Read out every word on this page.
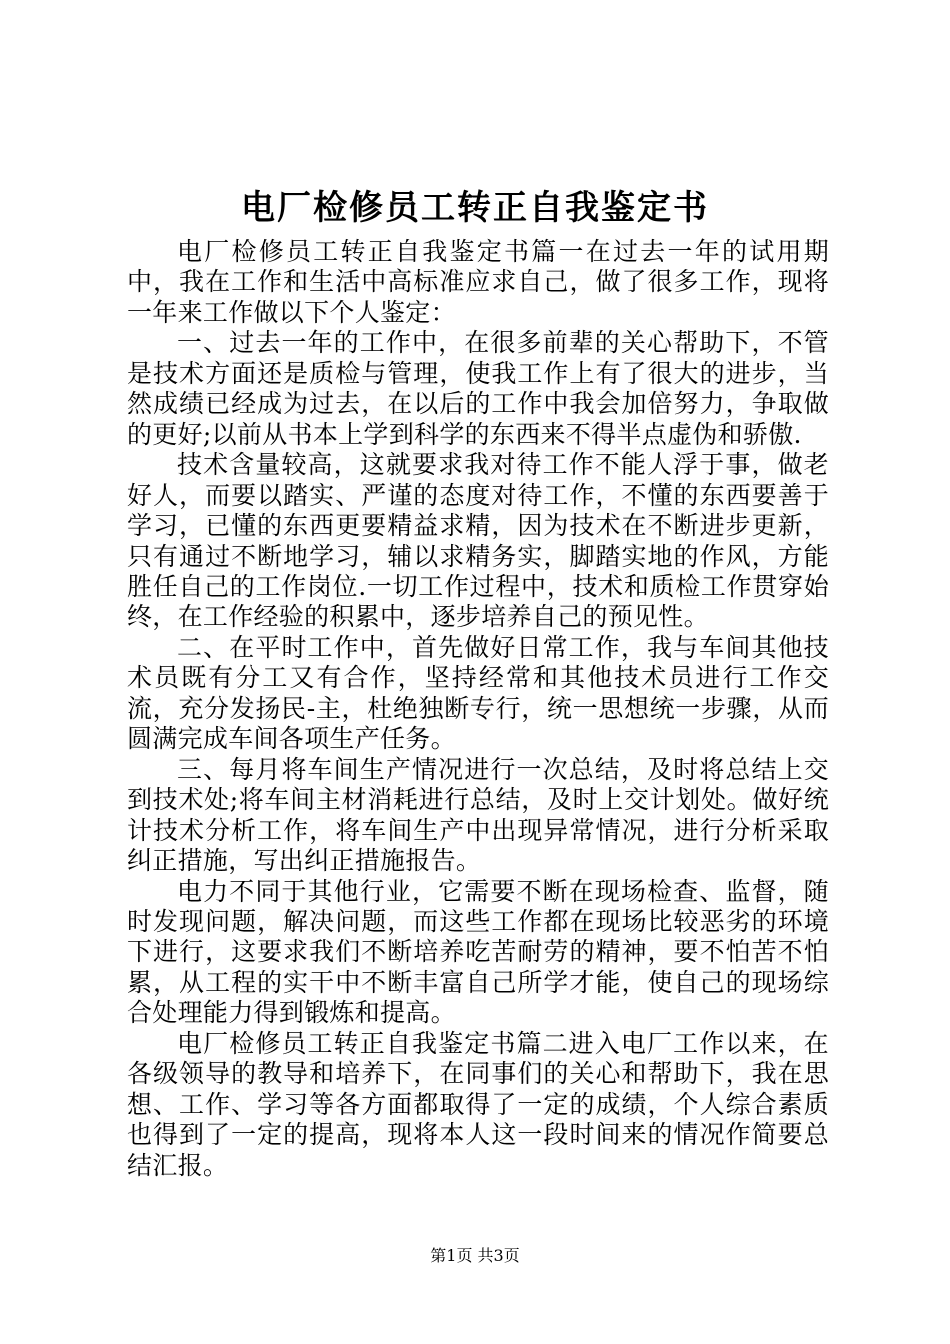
电厂检修员工转正自我鉴定书

电厂检修员工转正自我鉴定书篇一在过去一年的试用期中，我在工作和生活中高标准应求自己，做了很多工作，现将一年来工作做以下个人鉴定：

一、过去一年的工作中，在很多前辈的关心帮助下，不管是技术方面还是质检与管理，使我工作上有了很大的进步，当然成绩已经成为过去，在以后的工作中我会加倍努力，争取做的更好;以前从书本上学到科学的东西来不得半点虚伪和骄傲.

技术含量较高，这就要求我对待工作不能人浮于事，做老好人，而要以踏实、严谨的态度对待工作，不懂的东西要善于学习，已懂的东西更要精益求精，因为技术在不断进步更新，只有通过不断地学习，辅以求精务实，脚踏实地的作风，方能胜任自己的工作岗位.一切工作过程中，技术和质检工作贯穿始终，在工作经验的积累中，逐步培养自己的预见性。

二、在平时工作中，首先做好日常工作，我与车间其他技术员既有分工又有合作，坚持经常和其他技术员进行工作交流，充分发扬民-主，杜绝独断专行，统一思想统一步骤，从而圆满完成车间各项生产任务。

三、每月将车间生产情况进行一次总结，及时将总结上交到技术处;将车间主材消耗进行总结，及时上交计划处。做好统计技术分析工作，将车间生产中出现异常情况，进行分析采取纠正措施，写出纠正措施报告。

电力不同于其他行业，它需要不断在现场检查、监督，随时发现问题，解决问题，而这些工作都在现场比较恶劣的环境下进行，这要求我们不断培养吃苦耐劳的精神，要不怕苦不怕累，从工程的实干中不断丰富自己所学才能，使自己的现场综合处理能力得到锻炼和提高。

电厂检修员工转正自我鉴定书篇二进入电厂工作以来，在各级领导的教导和培养下，在同事们的关心和帮助下，我在思想、工作、学习等各方面都取得了一定的成绩，个人综合素质也得到了一定的提高，现将本人这一段时间来的情况作简要总结汇报。

第1页 共3页
